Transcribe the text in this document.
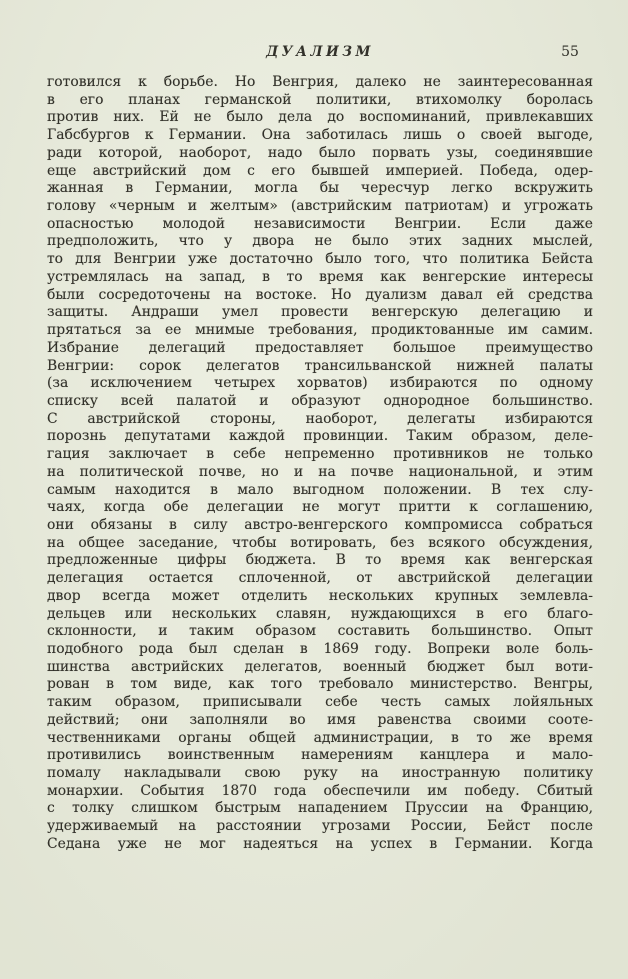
ДУАЛИЗМ	55
готовился к борьбе. Но Венгрия, далеко не заинтересованная
в его планах германской политики, втихомолку боролась
против них. Ей не было дела до воспоминаний, привлекавших
Габсбургов к Германии. Она заботилась лишь о своей выгоде,
ради которой, наоборот, надо было порвать узы, соединявшие
еще австрийский дом с его бывшей империей. Победа, одер-
жанная в Германии, могла бы чересчур легко вскружить
голову «черным и желтым» (австрийским патриотам) и угрожать
опасностью молодой независимости Венгрии. Если даже
предположить, что у двора не было этих задних мыслей,
то для Венгрии уже достаточно было того, что политика Бейста
устремлялась на запад, в то время как венгерские интересы
были сосредоточены на востоке. Но дуализм давал ей средства
защиты. Андраши умел провести венгерскую делегацию и
прятаться за ее мнимые требования, продиктованные им самим.
Избрание делегаций предоставляет большое преимущество
Венгрии: сорок делегатов трансильванской нижней палаты
(за исключением четырех хорватов) избираются по одному
списку всей палатой и образуют однородное большинство.
С австрийской стороны, наоборот, делегаты избираются
порознь депутатами каждой провинции. Таким образом, деле-
гация заключает в себе непременно противников не только
на политической почве, но и на почве национальной, и этим
самым находится в мало выгодном положении. В тех слу-
чаях, когда обе делегации не могут притти к соглашению,
они обязаны в силу австро-венгерского компромисса собраться
на общее заседание, чтобы вотировать, без всякого обсуждения,
предложенные цифры бюджета. В то время как венгерская
делегация остается сплоченной, от австрийской делегации
двор всегда может отделить нескольких крупных землевла-
дельцев или нескольких славян, нуждающихся в его благо-
склонности, и таким образом составить большинство. Опыт
подобного рода был сделан в 1869 году. Вопреки воле боль-
шинства австрийских делегатов, военный бюджет был воти-
рован в том виде, как того требовало министерство. Венгры,
таким образом, приписывали себе честь самых лойяльных
действий; они заполняли во имя равенства своими сооте-
чественниками органы общей администрации, в то же время
противились воинственным намерениям канцлера и мало-
помалу накладывали свою руку на иностранную политику
монархии. События 1870 года обеспечили им победу. Сбитый
с толку слишком быстрым нападением Пруссии на Францию,
удерживаемый на расстоянии угрозами России, Бейст после
Седана уже не мог надеяться на успех в Германии. Когда
